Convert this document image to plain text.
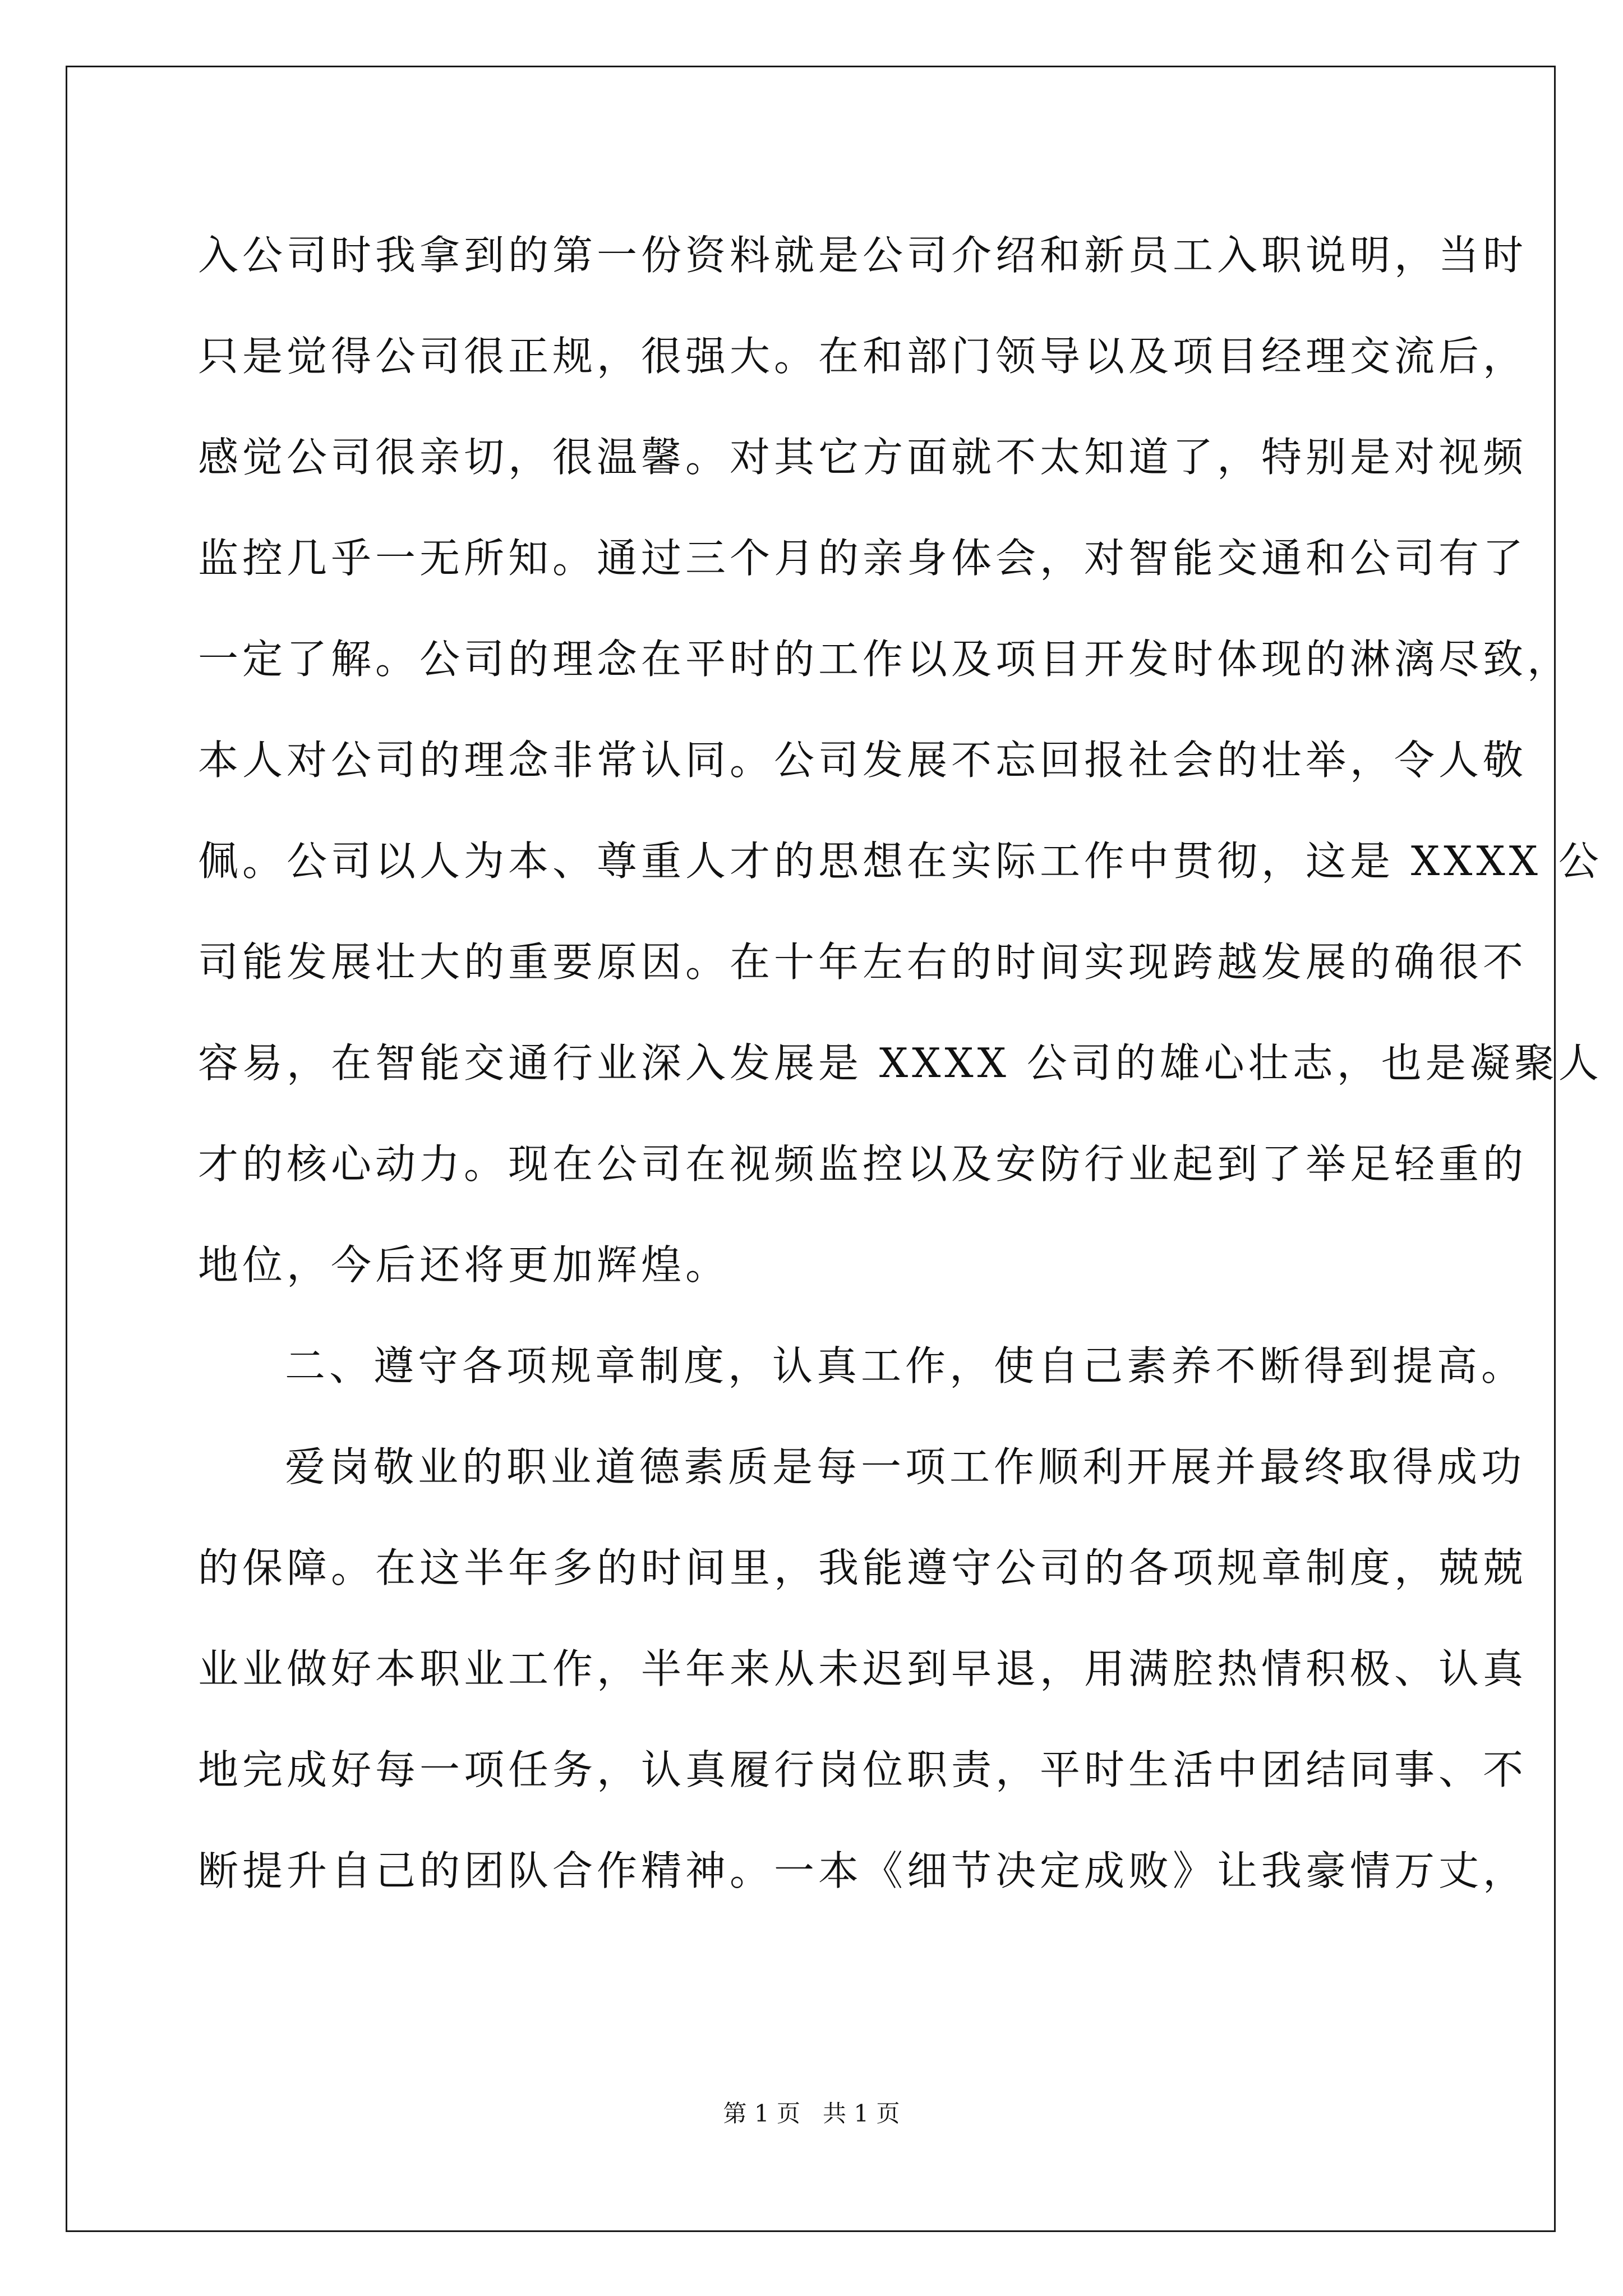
入公司时我拿到的第一份资料就是公司介绍和新员工入职说明，当时
只是觉得公司很正规，很强大。在和部门领导以及项目经理交流后，
感觉公司很亲切，很温馨。对其它方面就不太知道了，特别是对视频
监控几乎一无所知。通过三个月的亲身体会，对智能交通和公司有了
一定了解。公司的理念在平时的工作以及项目开发时体现的淋漓尽致，
本人对公司的理念非常认同。公司发展不忘回报社会的壮举，令人敬
佩。公司以人为本、尊重人才的思想在实际工作中贯彻，这是 XXXX 公
司能发展壮大的重要原因。在十年左右的时间实现跨越发展的确很不
容易，在智能交通行业深入发展是 XXXX 公司的雄心壮志，也是凝聚人
才的核心动力。现在公司在视频监控以及安防行业起到了举足轻重的
地位，今后还将更加辉煌。
二、遵守各项规章制度，认真工作，使自己素养不断得到提高。
爱岗敬业的职业道德素质是每一项工作顺利开展并最终取得成功
的保障。在这半年多的时间里，我能遵守公司的各项规章制度，兢兢
业业做好本职业工作，半年来从未迟到早退，用满腔热情积极、认真
地完成好每一项任务，认真履行岗位职责，平时生活中团结同事、不
断提升自己的团队合作精神。一本《细节决定成败》让我豪情万丈，
第 1 页   共 1 页
